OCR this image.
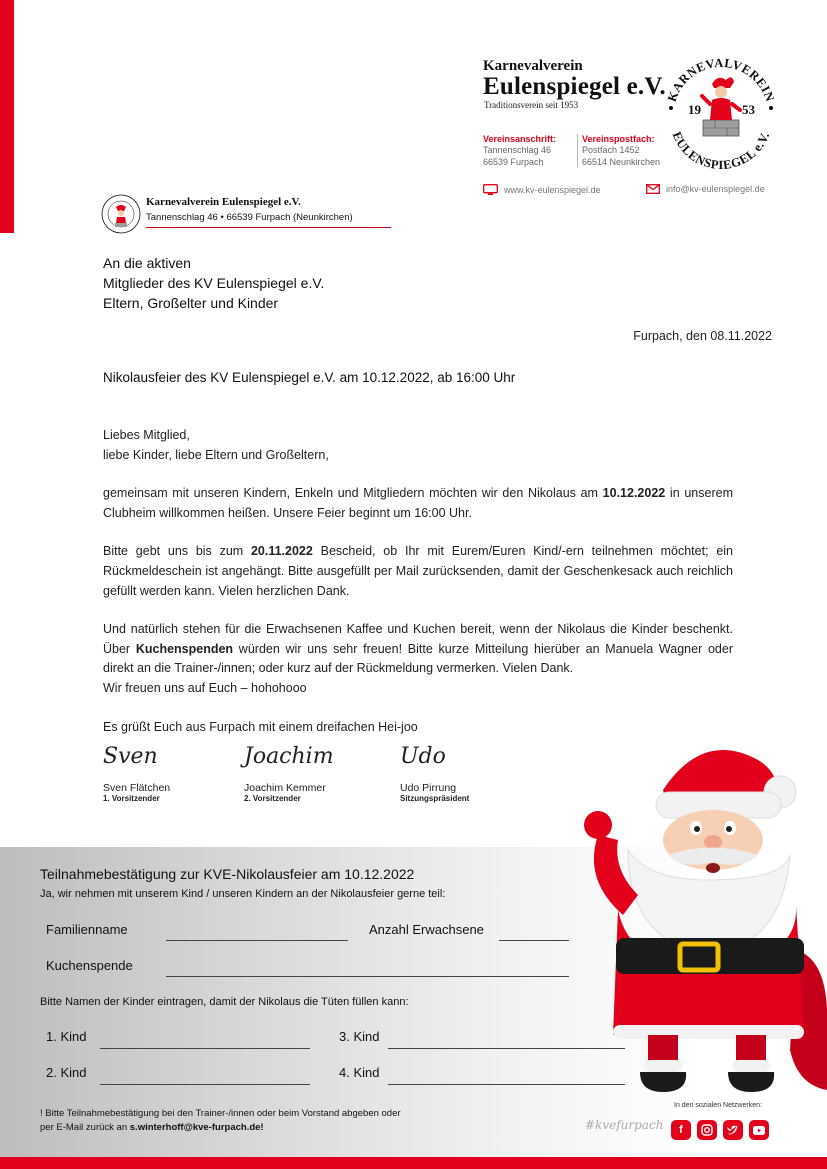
Karnevalverein
Eulenspiegel e.V.
Traditionsverein seit 1953
Vereinsanschrift:
Tannenschlag 46
66539 Furpach
Vereinspostfach:
Postfach 1452
66514 Neunkirchen
www.kv-eulenspiegel.de	info@kv-eulenspiegel.de
KARNEVALVEREIN
EULENSPIEGEL e.V.
19	53
Karnevalverein Eulenspiegel e.V.
Tannenschlag 46 • 66539 Furpach (Neunkirchen)
An die aktiven
Mitglieder des KV Eulenspiegel e.V.
Eltern, Großelter und Kinder
Furpach, den 08.11.2022
Nikolausfeier des KV Eulenspiegel e.V. am 10.12.2022, ab 16:00 Uhr

Liebes Mitglied,
liebe Kinder, liebe Eltern und Großeltern,

gemeinsam mit unseren Kindern, Enkeln und Mitgliedern möchten wir den Nikolaus am 10.12.2022 in unserem Clubheim willkommen heißen. Unsere Feier beginnt um 16:00 Uhr.

Bitte gebt uns bis zum 20.11.2022 Bescheid, ob Ihr mit Eurem/Euren Kind/-ern teilnehmen möchtet; ein Rückmeldeschein ist angehängt. Bitte ausgefüllt per Mail zurücksenden, damit der Geschenkesack auch reichlich gefüllt werden kann. Vielen herzlichen Dank.

Und natürlich stehen für die Erwachsenen Kaffee und Kuchen bereit, wenn der Nikolaus die Kinder beschenkt. Über Kuchenspenden würden wir uns sehr freuen! Bitte kurze Mitteilung hierüber an Manuela Wagner oder direkt an die Trainer-/innen; oder kurz auf der Rückmeldung vermerken. Vielen Dank.
Wir freuen uns auf Euch – hohohooo

Es grüßt Euch aus Furpach mit einem dreifachen Hei-joo

Sven
Sven Flätchen
1. Vorsitzender
Joachim
Joachim Kemmer
2. Vorsitzender
Udo
Udo Pirrung
Sitzungspräsident
Teilnahmebestätigung zur KVE-Nikolausfeier am 10.12.2022
Ja, wir nehmen mit unserem Kind / unseren Kindern an der Nikolausfeier gerne teil:
Familienname	Anzahl Erwachsene
Kuchenspende
Bitte Namen der Kinder eintragen, damit der Nikolaus die Tüten füllen kann:
1. Kind	3. Kind
2. Kind	4. Kind
! Bitte Teilnahmebestätigung bei den Trainer-/innen oder beim Vorstand abgeben oder
per E-Mail zurück an s.winterhoff@kve-furpach.de!	#kvefurpach
In den sozialen Netzwerken:
f
